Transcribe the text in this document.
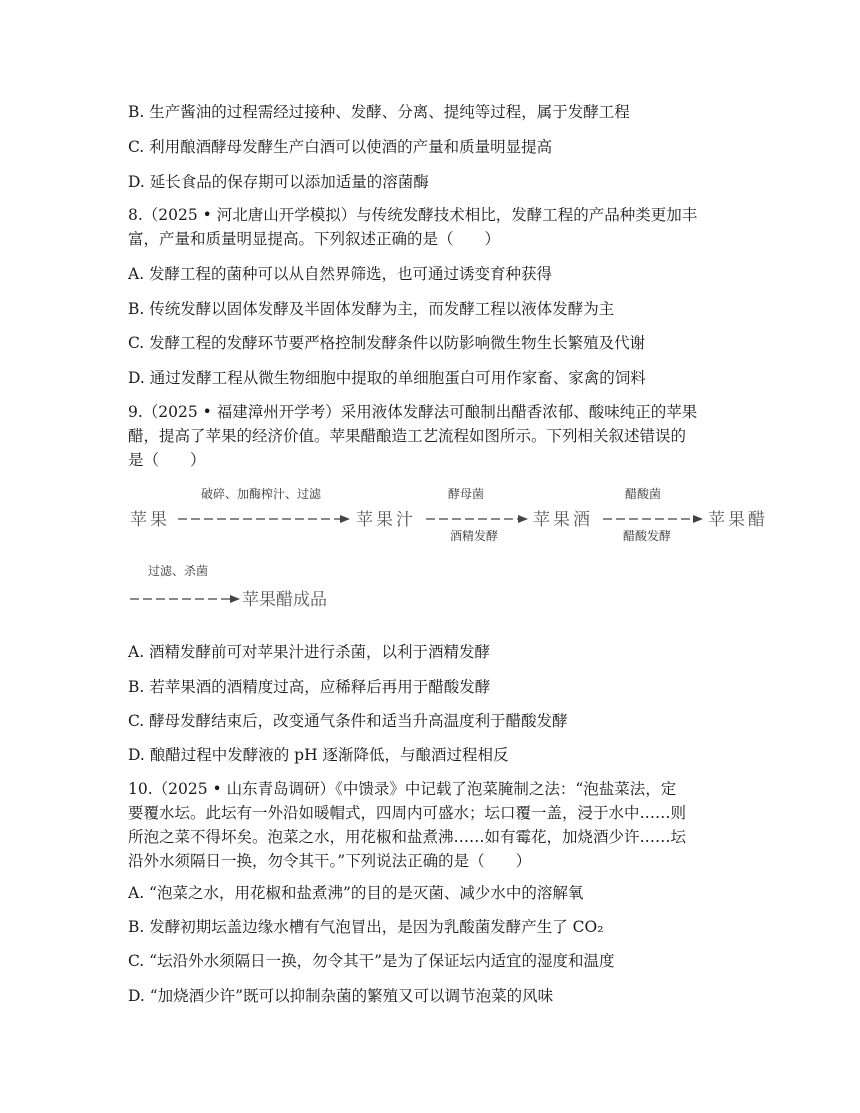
B. 生产酱油的过程需经过接种、发酵、分离、提纯等过程，属于发酵工程
C. 利用酿酒酵母发酵生产白酒可以使酒的产量和质量明显提高
D. 延长食品的保存期可以添加适量的溶菌酶
8.（2025 • 河北唐山开学模拟）与传统发酵技术相比，发酵工程的产品种类更加丰
富，产量和质量明显提高。下列叙述正确的是（　　）
A. 发酵工程的菌种可以从自然界筛选，也可通过诱变育种获得
B. 传统发酵以固体发酵及半固体发酵为主，而发酵工程以液体发酵为主
C. 发酵工程的发酵环节要严格控制发酵条件以防影响微生物生长繁殖及代谢
D. 通过发酵工程从微生物细胞中提取的单细胞蛋白可用作家畜、家禽的饲料
9.（2025 • 福建漳州开学考）采用液体发酵法可酿制出醋香浓郁、酸味纯正的苹果
醋，提高了苹果的经济价值。苹果醋酿造工艺流程如图所示。下列相关叙述错误的
是（　　）
苹果
破碎、加酶榨汁、过滤
苹果汁
酵母菌
酒精发酵
苹果酒
醋酸菌
醋酸发酵
苹果醋
过滤、杀菌
苹果醋成品
A. 酒精发酵前可对苹果汁进行杀菌，以利于酒精发酵
B. 若苹果酒的酒精度过高，应稀释后再用于醋酸发酵
C. 酵母发酵结束后，改变通气条件和适当升高温度利于醋酸发酵
D. 酿醋过程中发酵液的 pH 逐渐降低，与酿酒过程相反
10.（2025 • 山东青岛调研）《中馈录》中记载了泡菜腌制之法：“泡盐菜法，定
要覆水坛。此坛有一外沿如暖帽式，四周内可盛水；坛口覆一盖，浸于水中……则
所泡之菜不得坏矣。泡菜之水，用花椒和盐煮沸……如有霉花，加烧酒少许……坛
沿外水须隔日一换，勿令其干。”下列说法正确的是（　　）
A. “泡菜之水，用花椒和盐煮沸”的目的是灭菌、减少水中的溶解氧
B. 发酵初期坛盖边缘水槽有气泡冒出，是因为乳酸菌发酵产生了 CO₂
C. “坛沿外水须隔日一换，勿令其干”是为了保证坛内适宜的湿度和温度
D. “加烧酒少许”既可以抑制杂菌的繁殖又可以调节泡菜的风味
